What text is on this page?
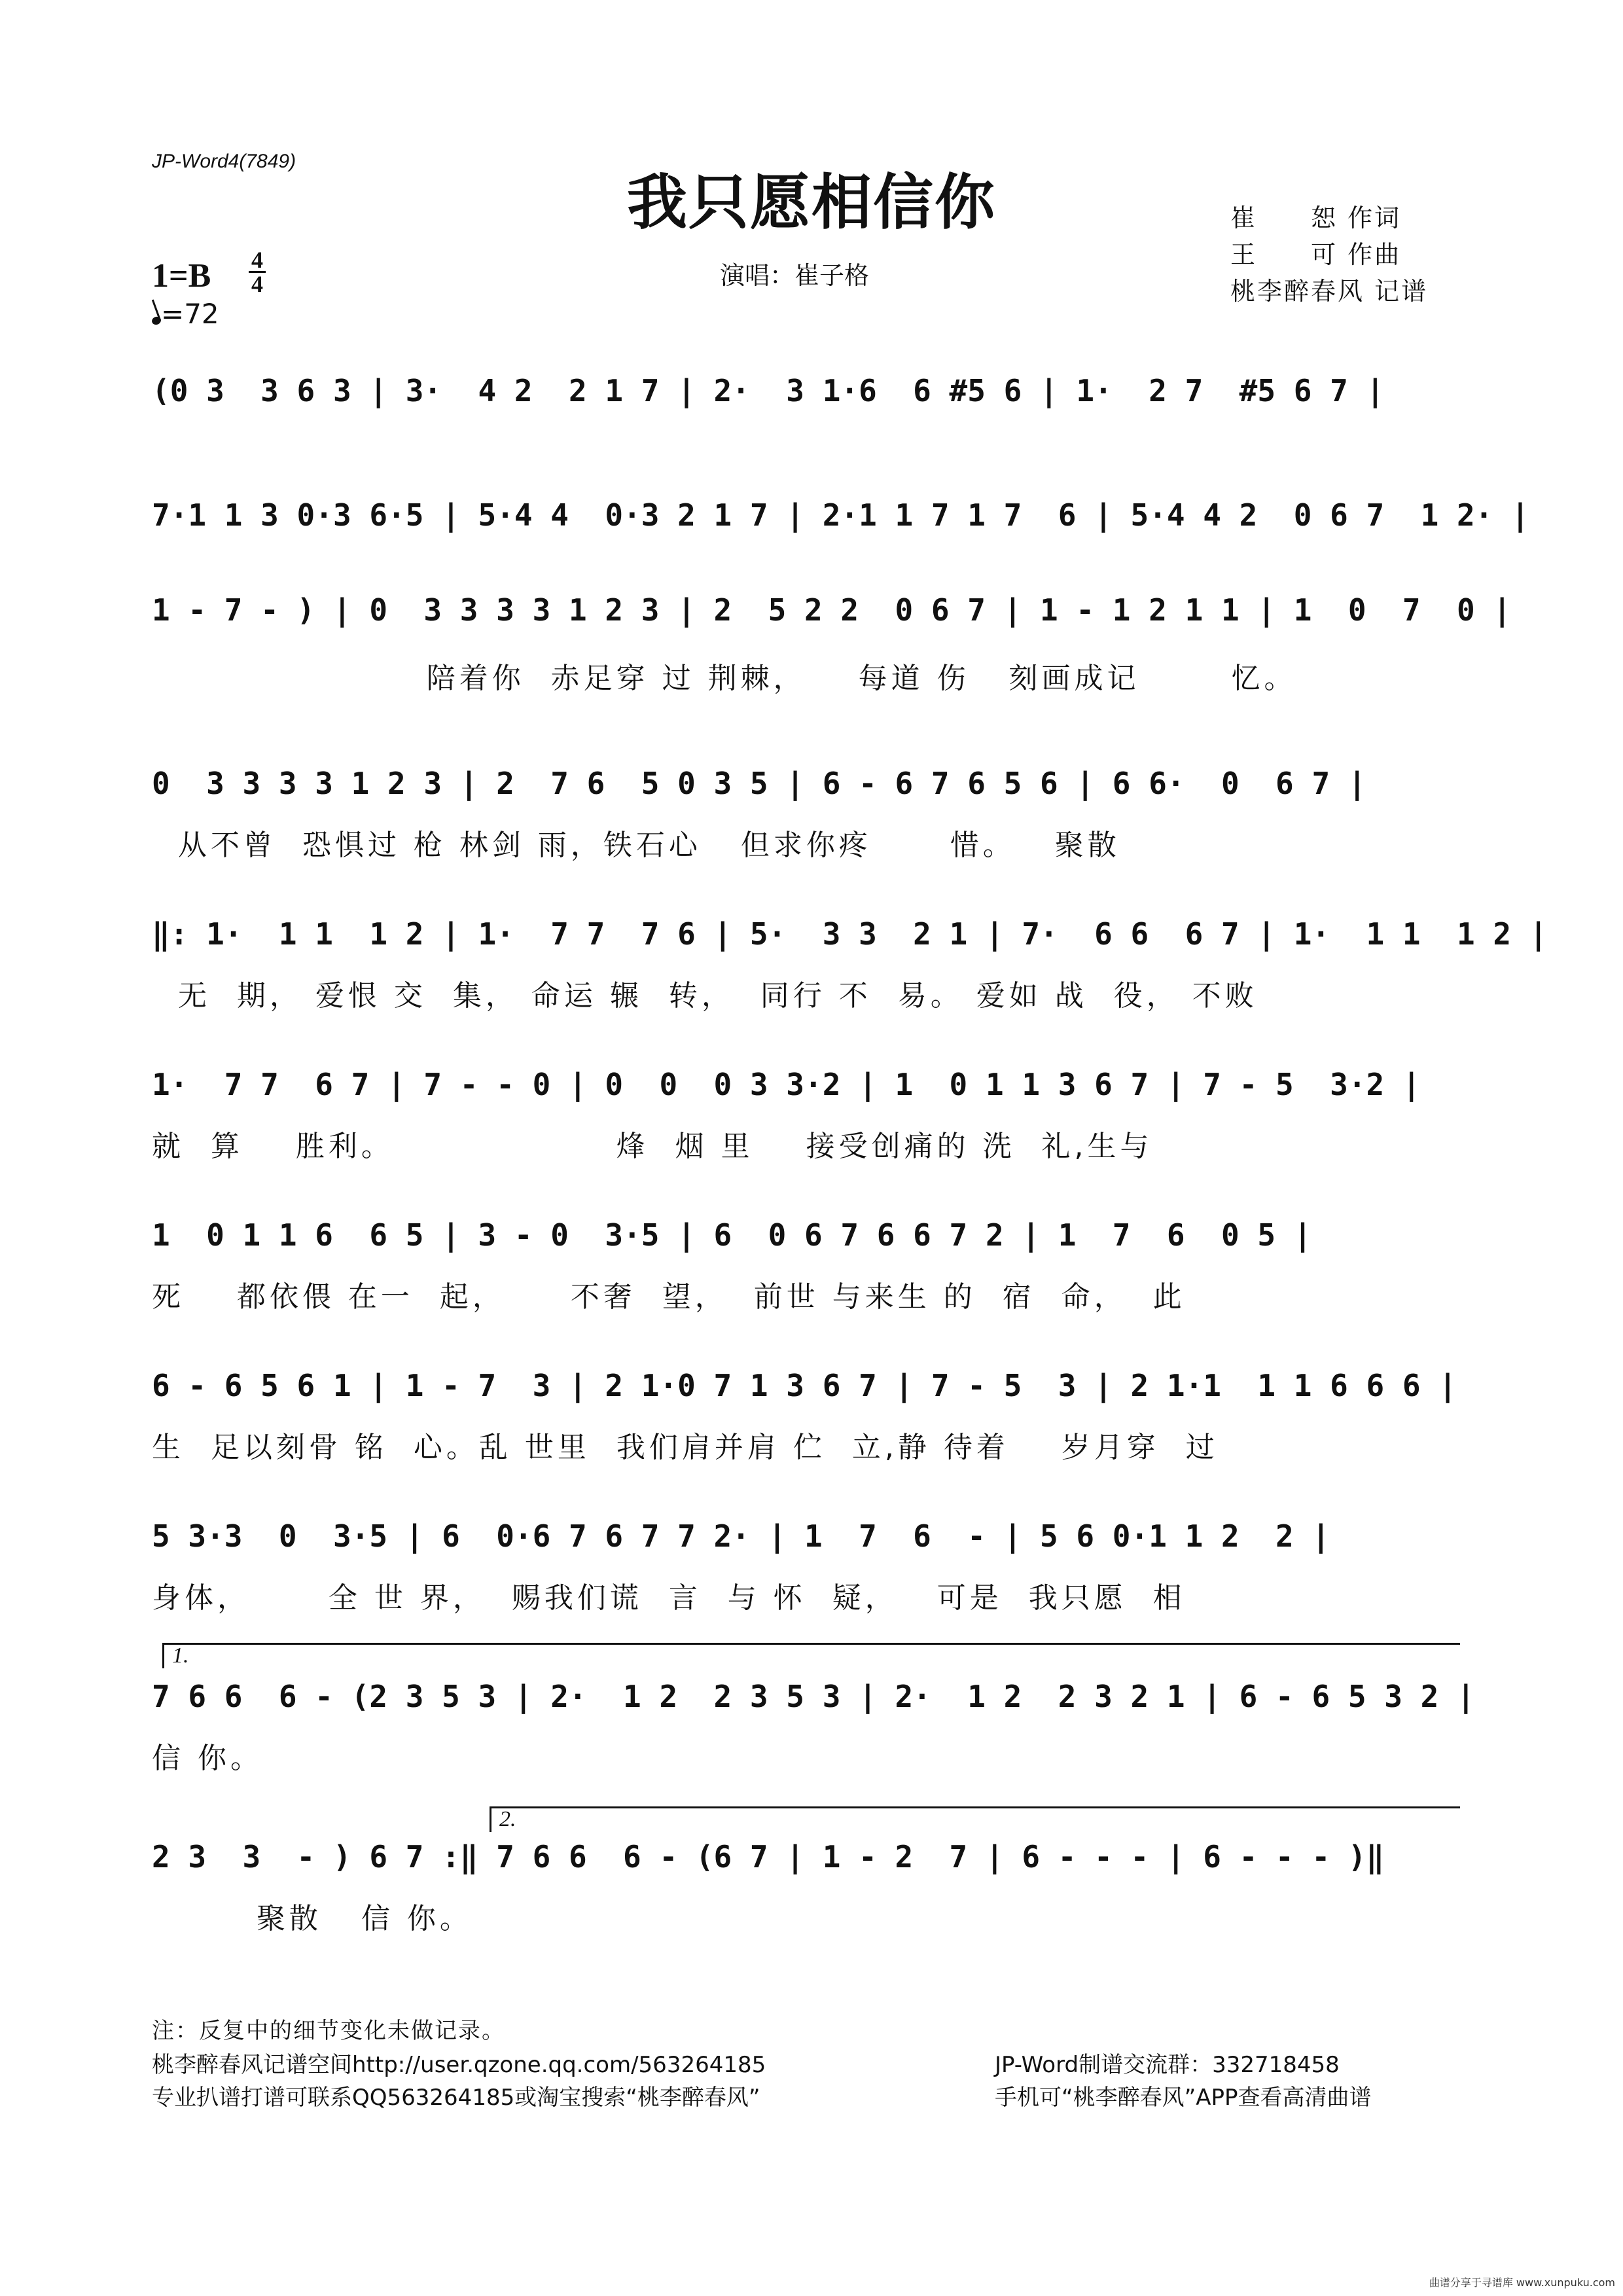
JP-Word4(7849)
我只愿相信你	崔　　恕 作词
王　　可 作曲
桃李醉春风 记谱
演唱：崔子格
1=B 4
4
=72
(0 3  3 6 3 | 3·  4 2  2 1 7 | 2·  3 1·6  6 #5 6 | 1·  2 7  #5 6 7 |
7·1 1 3 0·3 6·5 | 5·4 4  0·3 2 1 7 | 2·1 1 7 1 7  6 | 5·4 4 2  0 6 7  1 2· |
1 - 7 - ) | 0  3 3 3 3 1 2 3 | 2  5 2 2  0 6 7 | 1 - 1 2 1 1 | 1  0  7  0 |
陪着你  赤足穿 过 荆棘，    每道 伤   刻画成记       忆。
0  3 3 3 3 1 2 3 | 2  7 6  5 0 3 5 | 6 - 6 7 6 5 6 | 6 6·  0  6 7 |
从不曾  恐惧过 枪 林剑 雨，铁石心   但求你疼      惜。   聚散
‖: 1·  1 1  1 2 | 1·  7 7  7 6 | 5·  3 3  2 1 | 7·  6 6  6 7 | 1·  1 1  1 2 |
无  期， 爱恨 交  集， 命运 辗  转，  同行 不  易。 爱如 战  役， 不败
1·  7 7  6 7 | 7 - - 0 | 0  0  0 3 3·2 | 1  0 1 1 3 6 7 | 7 - 5  3·2 |
就  算    胜利。                 烽  烟 里    接受创痛的 洗  礼,生与
1  0 1 1 6  6 5 | 3 - 0  3·5 | 6  0 6 7 6 6 7 2 | 1  7  6  0 5 |
死    都依偎 在一  起，     不奢  望，  前世 与来生 的  宿  命，  此
6 - 6 5 6 1 | 1 - 7  3 | 2 1·0 7 1 3 6 7 | 7 - 5  3 | 2 1·1  1 1 6 6 6 |
生  足以刻骨 铭  心。乱 世里  我们肩并肩 伫  立,静 待着    岁月穿  过
5 3·3  0  3·5 | 6  0·6 7 6 7 7 2· | 1  7  6  - | 5 6 0·1 1 2  2 |
身体，      全 世 界，  赐我们谎  言  与 怀  疑，   可是  我只愿  相
1.
7 6 6  6 - (2 3 5 3 | 2·  1 2  2 3 5 3 | 2·  1 2  2 3 2 1 | 6 - 6 5 3 2 |
信 你。
2.
2 3  3  - ) 6 7 :‖ 7 6 6  6 - (6 7 | 1 - 2  7 | 6 - - - | 6 - - - )‖
聚散   信 你。
注：反复中的细节变化未做记录。
桃李醉春风记谱空间http://user.qzone.qq.com/563264185
专业扒谱打谱可联系QQ563264185或淘宝搜索“桃李醉春风”
JP-Word制谱交流群：332718458
手机可“桃李醉春风”APP查看高清曲谱
曲谱分享于寻谱库 www.xunpuku.com
